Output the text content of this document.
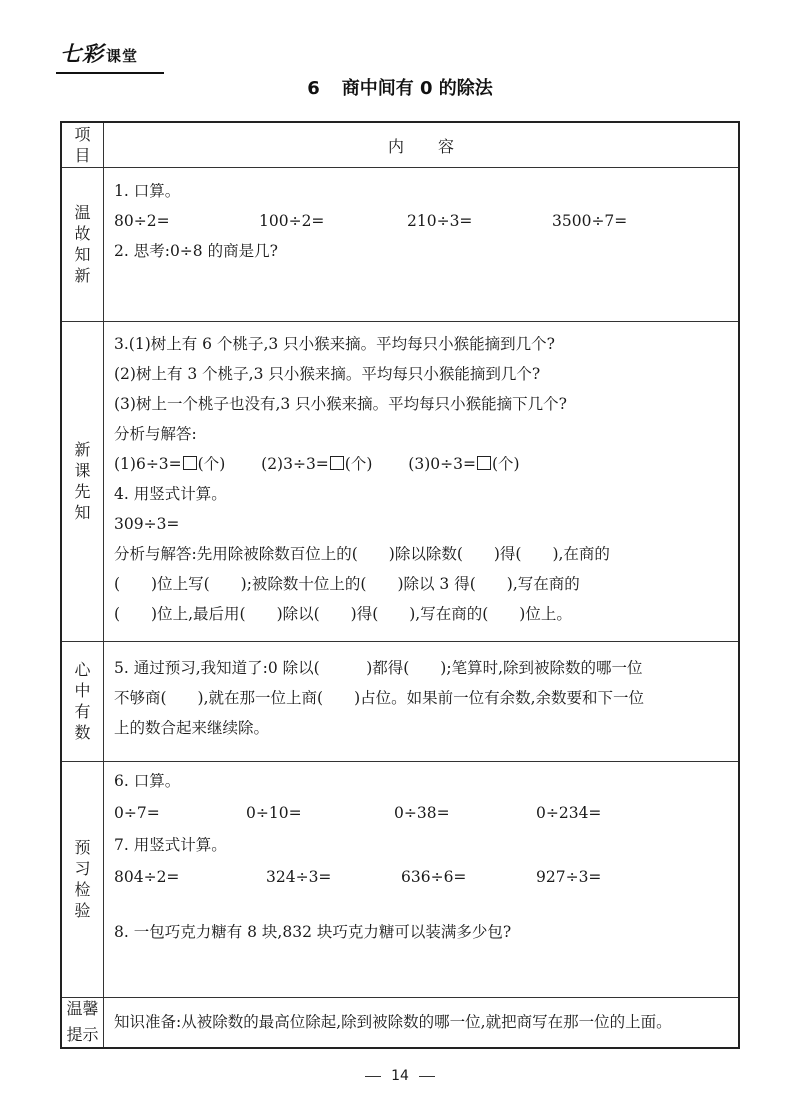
七彩 课堂
6 商中间有 0 的除法
项目	内容
温故知新
1. 口算。
80÷2=	100÷2=	210÷3=	3500÷7=
2. 思考:0÷8 的商是几?
新课先知
3.(1)树上有 6 个桃子,3 只小猴来摘。平均每只小猴能摘到几个?
(2)树上有 3 个桃子,3 只小猴来摘。平均每只小猴能摘到几个?
(3)树上一个桃子也没有,3 只小猴来摘。平均每只小猴能摘下几个?
分析与解答:
(1)6÷3= (个) (2)3÷3= (个) (3)0÷3= (个)
4. 用竖式计算。
309÷3=
分析与解答:先用除被除数百位上的(　　)除以除数(　　)得(　　),在商的
(　　)位上写(　　);被除数十位上的(　　)除以 3 得(　　),写在商的
(　　)位上,最后用(　　)除以(　　)得(　　),写在商的(　　)位上。
心中有数
5. 通过预习,我知道了:0 除以(　　　)都得(　　);笔算时,除到被除数的哪一位
不够商(　　),就在那一位上商(　　)占位。如果前一位有余数,余数要和下一位
上的数合起来继续除。
预习检验
6. 口算。
0÷7=	0÷10=	0÷38=	0÷234=
7. 用竖式计算。
804÷2=	324÷3=	636÷6=	927÷3=
8. 一包巧克力糖有 8 块,832 块巧克力糖可以装满多少包?
温馨提示
知识准备:从被除数的最高位除起,除到被除数的哪一位,就把商写在那一位的上面。
14
